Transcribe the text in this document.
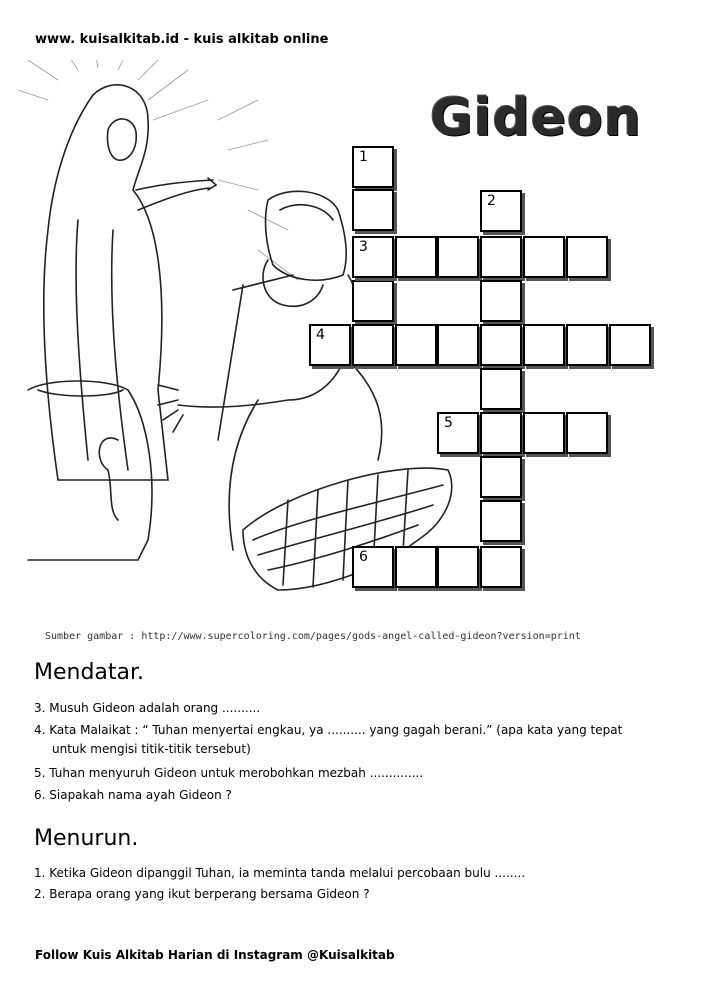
www. kuisalkitab.id - kuis alkitab online
Gideon
1
2
3
4
5
6
Sumber gambar : http://www.supercoloring.com/pages/gods-angel-called-gideon?version=print
Mendatar.
3. Musuh Gideon adalah orang ..........
4. Kata Malaikat : “ Tuhan menyertai engkau, ya .......... yang gagah berani.” (apa kata yang tepat
untuk mengisi titik-titik tersebut)
5. Tuhan menyuruh Gideon untuk merobohkan mezbah ..............
6. Siapakah nama ayah Gideon ?
Menurun.
1. Ketika Gideon dipanggil Tuhan, ia meminta tanda melalui percobaan bulu ........
2. Berapa orang yang ikut berperang bersama Gideon ?
Follow Kuis Alkitab Harian di Instagram @Kuisalkitab
